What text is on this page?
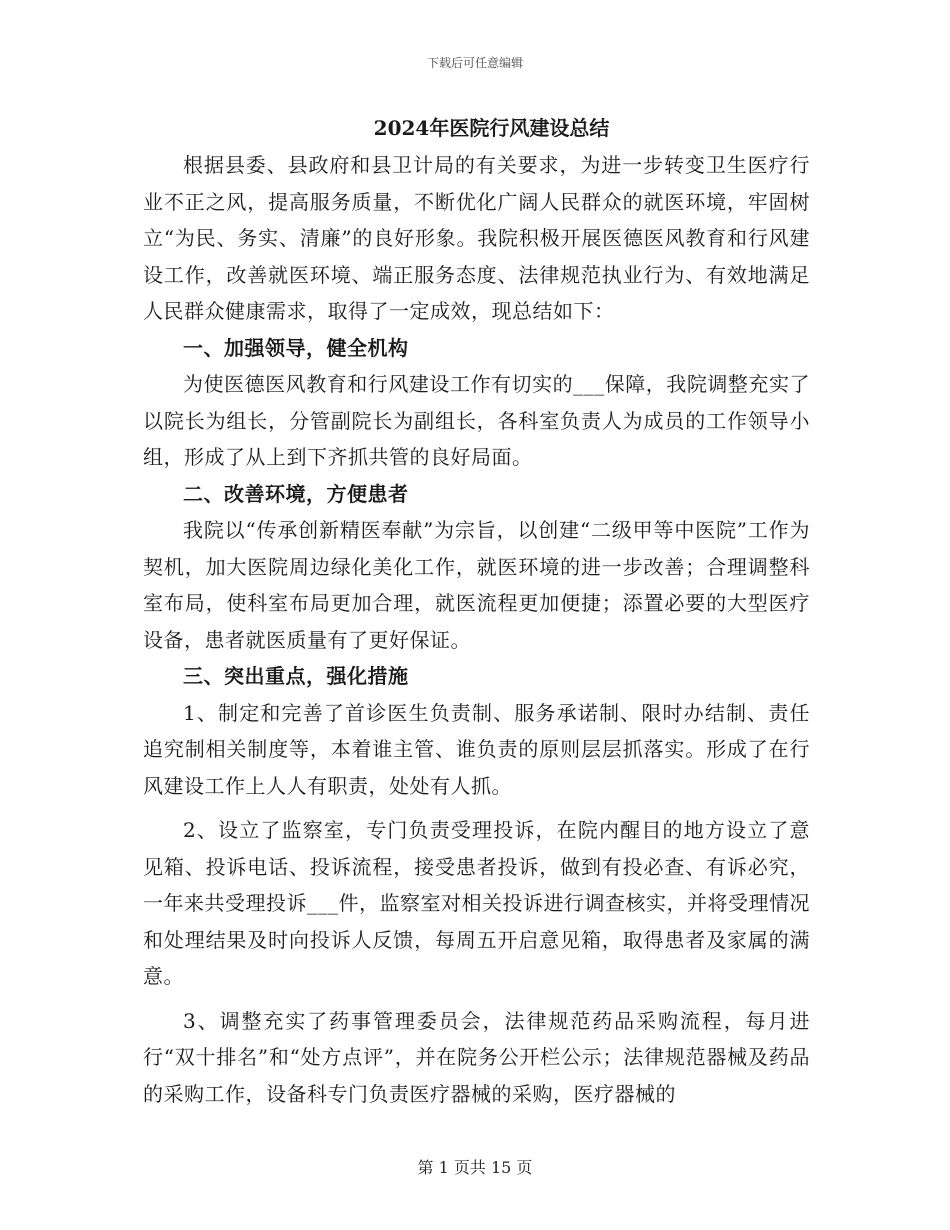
下载后可任意编辑
2024年医院行风建设总结

根据县委、县政府和县卫计局的有关要求，为进一步转变卫生医疗行业不正之风，提高服务质量，不断优化广阔人民群众的就医环境，牢固树立“为民、务实、清廉”的良好形象。我院积极开展医德医风教育和行风建设工作，改善就医环境、端正服务态度、法律规范执业行为、有效地满足人民群众健康需求，取得了一定成效，现总结如下：

一、加强领导，健全机构

为使医德医风教育和行风建设工作有切实的___保障，我院调整充实了以院长为组长，分管副院长为副组长，各科室负责人为成员的工作领导小组，形成了从上到下齐抓共管的良好局面。

二、改善环境，方便患者

我院以“传承创新精医奉献”为宗旨，以创建“二级甲等中医院”工作为契机，加大医院周边绿化美化工作，就医环境的进一步改善；合理调整科室布局，使科室布局更加合理，就医流程更加便捷；添置必要的大型医疗设备，患者就医质量有了更好保证。

三、突出重点，强化措施

1、制定和完善了首诊医生负责制、服务承诺制、限时办结制、责任追究制相关制度等，本着谁主管、谁负责的原则层层抓落实。形成了在行风建设工作上人人有职责，处处有人抓。

2、设立了监察室，专门负责受理投诉，在院内醒目的地方设立了意见箱、投诉电话、投诉流程，接受患者投诉，做到有投必查、有诉必究，一年来共受理投诉___件，监察室对相关投诉进行调查核实，并将受理情况和处理结果及时向投诉人反馈，每周五开启意见箱，取得患者及家属的满意。

3、调整充实了药事管理委员会，法律规范药品采购流程，每月进行“双十排名”和“处方点评”，并在院务公开栏公示；法律规范器械及药品的采购工作，设备科专门负责医疗器械的采购，医疗器械的

第 1 页共 15 页
